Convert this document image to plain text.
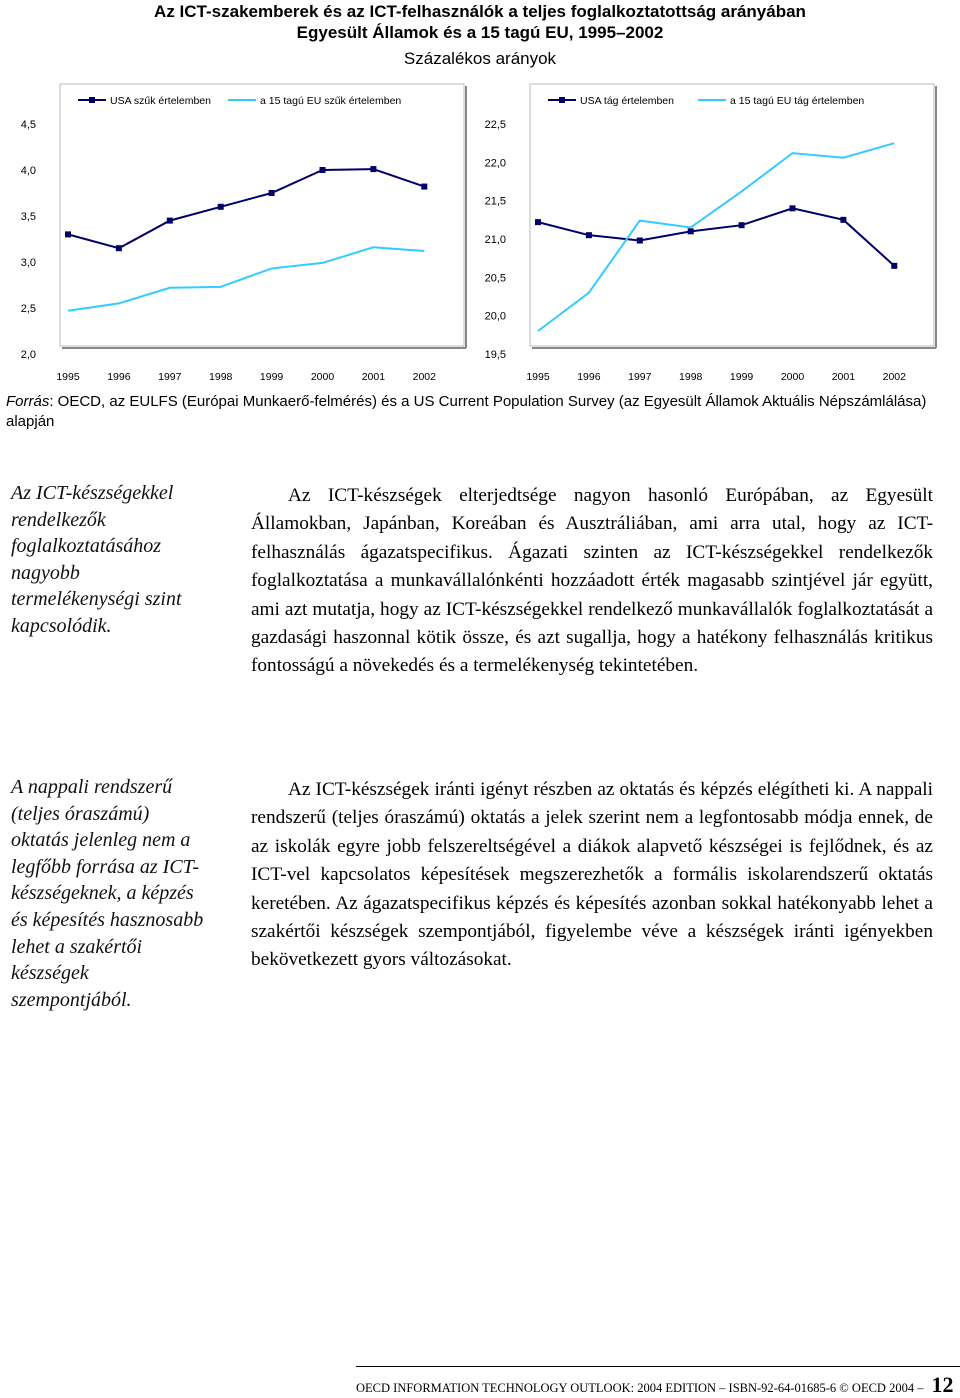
Az ICT-szakemberek és az ICT-felhasználók a teljes foglalkoztatottság arányában
Egyesült Államok és a 15 tagú EU, 1995–2002
Százalékos arányok
2,0
2,5
3,0
3,5
4,0
4,5
1995	1996	1997	1998	1999	2000	2001	2002
USA szűk értelemben	a 15 tagú EU szűk értelemben
19,5
20,0
20,5
21,0
21,5
22,0
22,5
1995	1996	1997	1998	1999	2000	2001	2002
USA tág értelemben	a 15 tagú EU tág értelemben
Forrás: OECD, az EULFS (Európai Munkaerő-felmérés) és a US Current Population Survey (az Egyesült Államok Aktuális Népszámlálása) alapján
Az ICT-készségekkel rendelkezők foglalkoztatásához nagyobb termelékenységi szint kapcsolódik.
A nappali rendszerű (teljes óraszámú) oktatás jelenleg nem a legfőbb forrása az ICT-készségeknek, a képzés és képesítés hasznosabb lehet a szakértői készségek szempontjából.
Az ICT-készségek elterjedtsége nagyon hasonló Európában, az Egyesült Államokban, Japánban, Koreában és Ausztráliában, ami arra utal, hogy az ICT-felhasználás ágazatspecifikus. Ágazati szinten az ICT-készségekkel rendelkezők foglalkoztatása a munkavállalónkénti hozzáadott érték magasabb szintjével jár együtt, ami azt mutatja, hogy az ICT-készségekkel rendelkező munkavállalók foglalkoztatását a gazdasági haszonnal kötik össze, és azt sugallja, hogy a hatékony felhasználás kritikus fontosságú a növekedés és a termelékenység tekintetében.
Az ICT-készségek iránti igényt részben az oktatás és képzés elégítheti ki. A nappali rendszerű (teljes óraszámú) oktatás a jelek szerint nem a legfontosabb módja ennek, de az iskolák egyre jobb felszereltségével a diákok alapvető készségei is fejlődnek, és az ICT-vel kapcsolatos képesítések megszerezhetők a formális iskolarendszerű oktatás keretében. Az ágazatspecifikus képzés és képesítés azonban sokkal hatékonyabb lehet a szakértői készségek szempontjából, figyelembe véve a készségek iránti igényekben bekövetkezett gyors változásokat.
OECD INFORMATION TECHNOLOGY OUTLOOK: 2004 EDITION – ISBN-92-64-01685-6 © OECD 2004 – 12
